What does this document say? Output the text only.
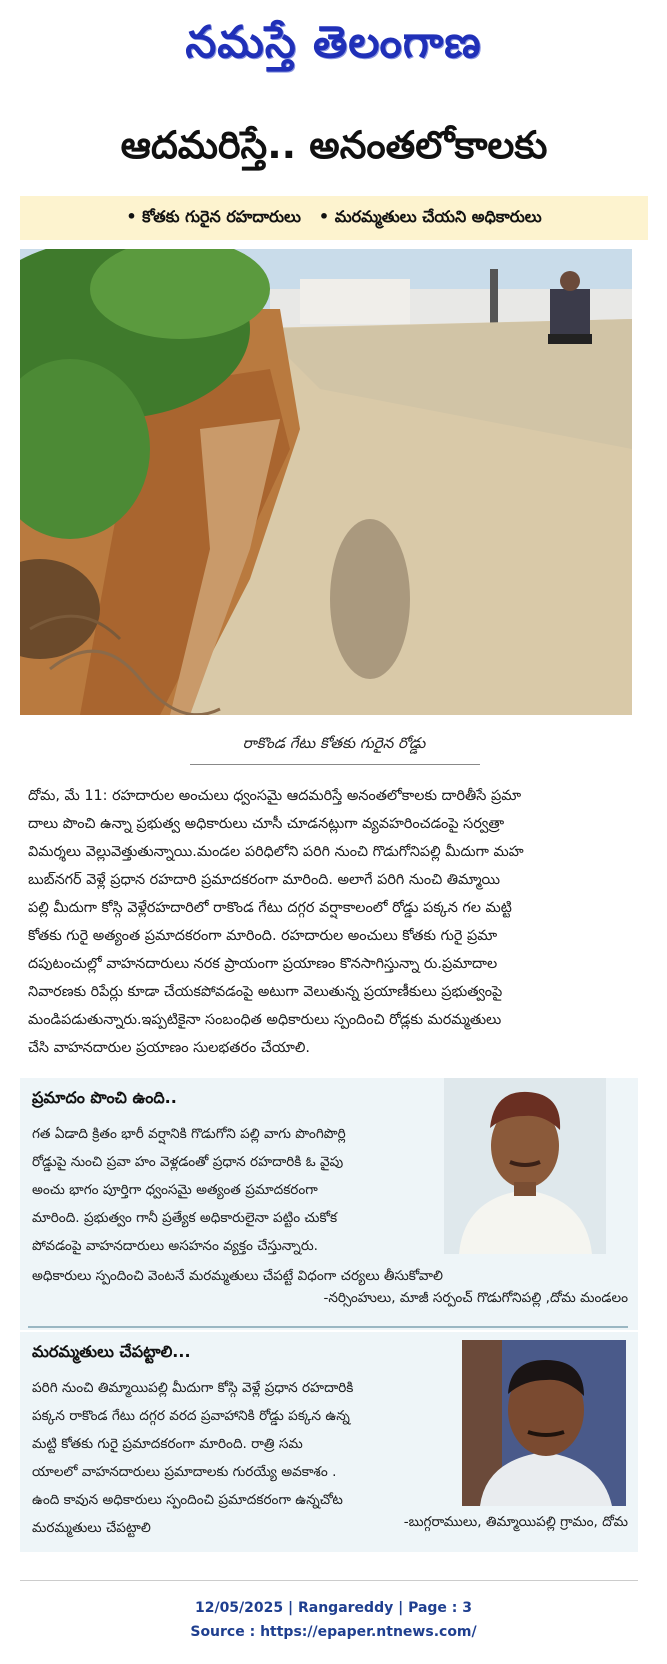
నమస్తే తెలంగాణ
ఆదమరిస్తే.. అనంతలోకాలకు
• కోతకు గురైన రహదారులు • మరమ్మతులు చేయని అధికారులు
రాకొండ గేటు కోతకు గురైన రోడ్డు
దోమ, మే 11: రహదారుల అంచులు ధ్వంసమై ఆదమరిస్తే అనంతలోకాలకు దారితీసే ప్రమా
దాలు పొంచి ఉన్నా ప్రభుత్వ అధికారులు చూసీ చూడనట్లుగా వ్యవహరించడంపై సర్వత్రా
విమర్శలు వెల్లువెత్తుతున్నాయి.మండల పరిధిలోని పరిగి నుంచి గొడుగోనిపల్లి మీదుగా మహ
బుబ్‌నగర్ వెళ్లే ప్రధాన రహదారి ప్రమాదకరంగా మారింది. అలాగే పరిగి నుంచి తిమ్మాయి
పల్లి మీదుగా కోస్గి వెళ్లేరహదారిలో రాకొండ గేటు దగ్గర వర్షాకాలంలో రోడ్డు పక్కన గల మట్టి
కోతకు గురై అత్యంత ప్రమాదకరంగా మారింది. రహదారుల అంచులు కోతకు గురై ప్రమా
దపుటంచుల్లో వాహనదారులు నరక ప్రాయంగా ప్రయాణం కొనసాగిస్తున్నా రు.ప్రమాదాల
నివారణకు రిపేర్లు కూడా చేయకపోవడంపై అటుగా వెలుతున్న ప్రయాణీకులు ప్రభుత్వంపై
మండిపడుతున్నారు.ఇప్పటికైనా సంబంధిత అధికారులు స్పందించి రోడ్లకు మరమ్మతులు
చేసి వాహనదారుల ప్రయాణం సులభతరం చేయాలి.
ప్రమాదం పొంచి ఉంది..
గత ఏడాది క్రితం భారీ వర్షానికి గొడుగోని పల్లి వాగు పొంగిపొర్లి
రోడ్డుపై నుంచి ప్రవా హం వెళ్లడంతో ప్రధాన రహదారికి ఓ వైపు
అంచు భాగం పూర్తిగా ధ్వంసమై అత్యంత ప్రమాదకరంగా
మారింది. ప్రభుత్వం గానీ ప్రత్యేక అధికారులైనా పట్టిం చుకోక
పోవడంపై వాహనదారులు అసహనం వ్యక్తం చేస్తున్నారు.
అధికారులు స్పందించి వెంటనే మరమ్మతులు చేపట్టే విధంగా చర్యలు తీసుకోవాలి
-నర్సింహులు, మాజీ సర్పంచ్ గొడుగోనిపల్లి ,దోమ మండలం
మరమ్మతులు చేపట్టాలి...
పరిగి నుంచి తిమ్మాయిపల్లి మీదుగా కోస్గి వెళ్లే ప్రధాన రహదారికి
పక్కన రాకొండ గేటు దగ్గర వరద ప్రవాహానికి రోడ్డు పక్కన ఉన్న
మట్టి కోతకు గురై ప్రమాదకరంగా మారింది. రాత్రి సమ
యాలలో వాహనదారులు ప్రమాదాలకు గురయ్యే అవకాశం .
ఉంది కావున అధికారులు స్పందించి ప్రమాదకరంగా ఉన్నచోట
మరమ్మతులు చేపట్టాలి	-బుగ్గరాములు, తిమ్మాయిపల్లి గ్రామం, దోమ
12/05/2025 | Rangareddy | Page : 3
Source : https://epaper.ntnews.com/
